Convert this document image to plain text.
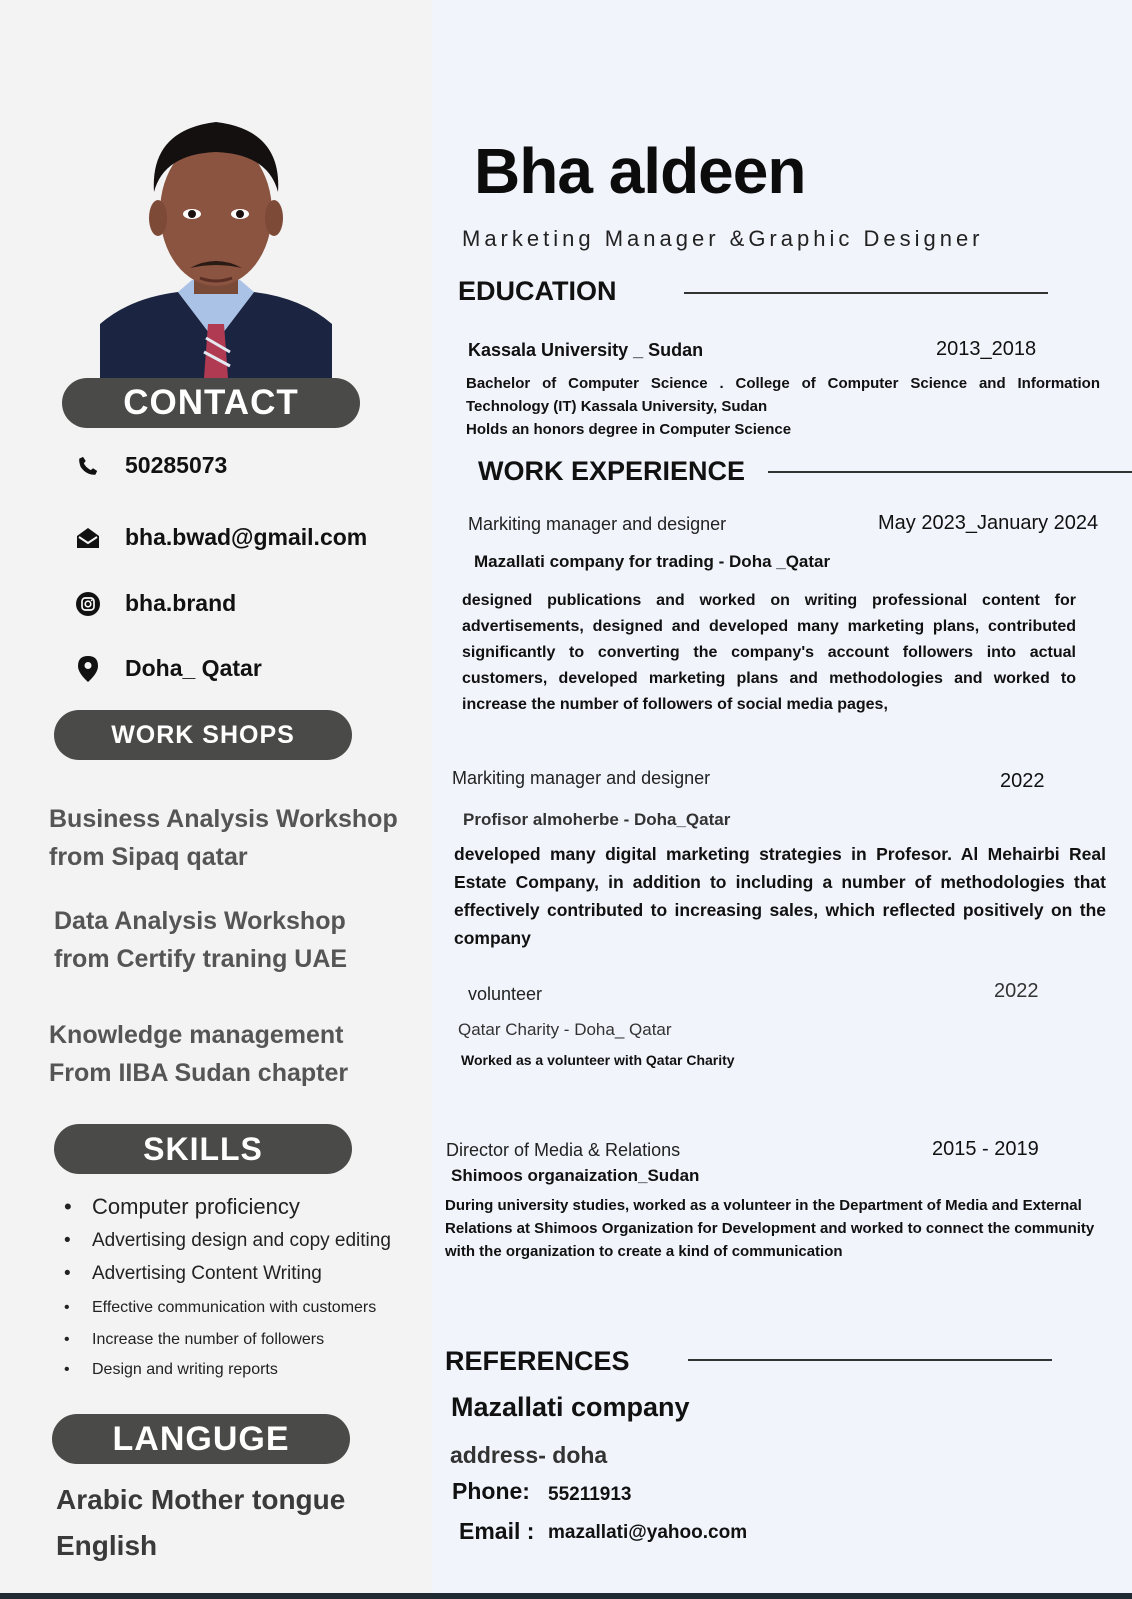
CONTACT
50285073
bha.bwad@gmail.com
bha.brand
Doha_ Qatar
WORK SHOPS
Business Analysis Workshop
from Sipaq qatar
Data Analysis Workshop
from Certify traning UAE
Knowledge management
From IIBA Sudan chapter
SKILLS
• Computer proficiency
• Advertising design and copy editing
• Advertising Content Writing
• Effective communication with customers
• Increase the number of followers
• Design and writing reports
LANGUGE
Arabic Mother tongue
English
Bha aldeen
Marketing Manager &Graphic Designer
EDUCATION
Kassala University _ Sudan	2013_2018
Bachelor of Computer Science . College of Computer Science and Information
Technology (IT) Kassala University, Sudan
Holds an honors degree in Computer Science
WORK EXPERIENCE
Markiting manager and designer	May 2023_January 2024
Mazallati company for trading - Doha _Qatar
designed publications and worked on writing professional content for advertisements, designed and developed many marketing plans, contributed significantly to converting the company's account followers into actual customers, developed marketing plans and methodologies and worked to increase the number of followers of social media pages,
Markiting manager and designer	2022
Profisor almoherbe - Doha_Qatar
developed many digital marketing strategies in Profesor. Al Mehairbi Real Estate Company, in addition to including a number of methodologies that effectively contributed to increasing sales, which reflected positively on the company
volunteer	2022
Qatar Charity - Doha_ Qatar
Worked as a volunteer with Qatar Charity
Director of Media & Relations	2015 - 2019
Shimoos organaization_Sudan
During university studies, worked as a volunteer in the Department of Media and External Relations at Shimoos Organization for Development and worked to connect the community with the organization to create a kind of communication
REFERENCES
Mazallati company
address- doha
Phone: 55211913
Email : mazallati@yahoo.com
